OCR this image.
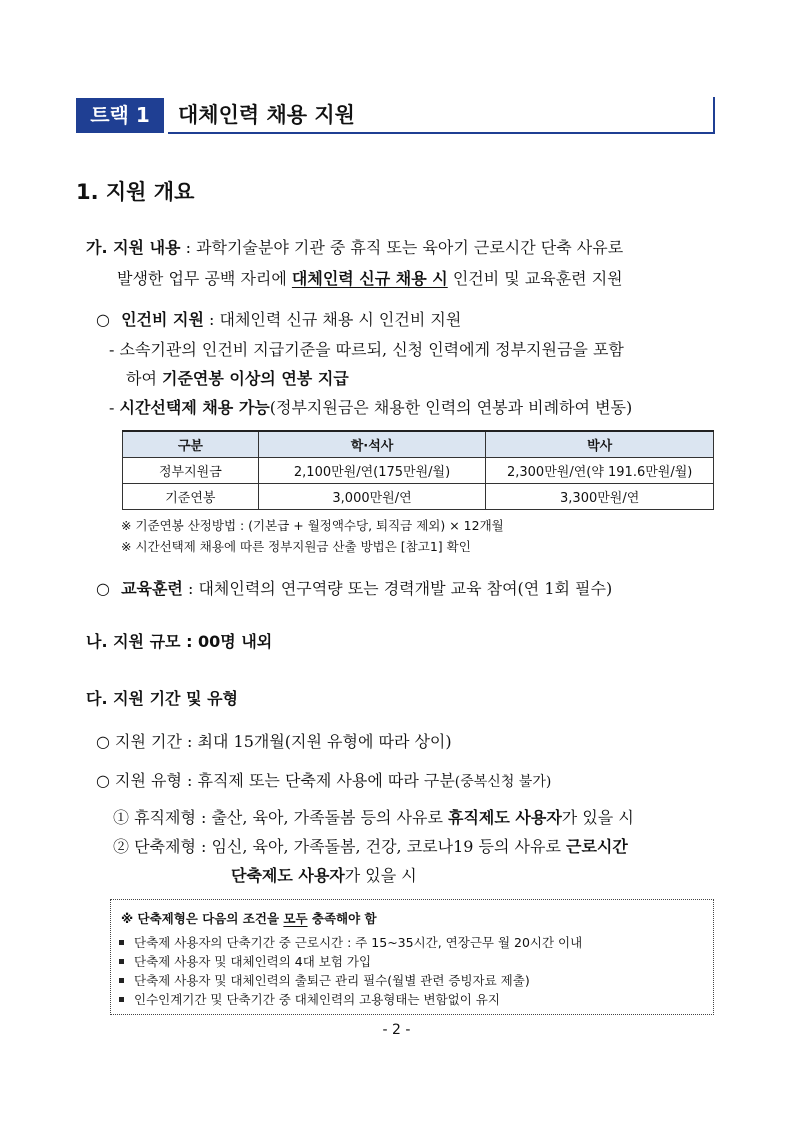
트랙 1	대체인력 채용 지원
1. 지원 개요
가. 지원 내용 : 과학기술분야 기관 중 휴직 또는 육아기 근로시간 단축 사유로
발생한 업무 공백 자리에 대체인력 신규 채용 시 인건비 및 교육훈련 지원
○ 인건비 지원 : 대체인력 신규 채용 시 인건비 지원
- 소속기관의 인건비 지급기준을 따르되, 신청 인력에게 정부지원금을 포함
하여 기준연봉 이상의 연봉 지급
- 시간선택제 채용 가능(정부지원금은 채용한 인력의 연봉과 비례하여 변동)
구분	학·석사	박사
정부지원금	2,100만원/연(175만원/월)	2,300만원/연(약 191.6만원/월)
기준연봉	3,000만원/연	3,300만원/연
※ 기준연봉 산정방법 : (기본급 + 월정액수당, 퇴직금 제외) × 12개월
※ 시간선택제 채용에 따른 정부지원금 산출 방법은 [참고1] 확인
○ 교육훈련 : 대체인력의 연구역량 또는 경력개발 교육 참여(연 1회 필수)
나. 지원 규모 : 00명 내외
다. 지원 기간 및 유형
○ 지원 기간 : 최대 15개월(지원 유형에 따라 상이)
○ 지원 유형 : 휴직제 또는 단축제 사용에 따라 구분(중복신청 불가)
① 휴직제형 : 출산, 육아, 가족돌봄 등의 사유로 휴직제도 사용자가 있을 시
② 단축제형 : 임신, 육아, 가족돌봄, 건강, 코로나19 등의 사유로 근로시간
단축제도 사용자가 있을 시
※ 단축제형은 다음의 조건을 모두 충족해야 함
단축제 사용자의 단축기간 중 근로시간 : 주 15~35시간, 연장근무 월 20시간 이내
단축제 사용자 및 대체인력의 4대 보험 가입
단축제 사용자 및 대체인력의 출퇴근 관리 필수(월별 관련 증빙자료 제출)
인수인계기간 및 단축기간 중 대체인력의 고용형태는 변함없이 유지
- 2 -
